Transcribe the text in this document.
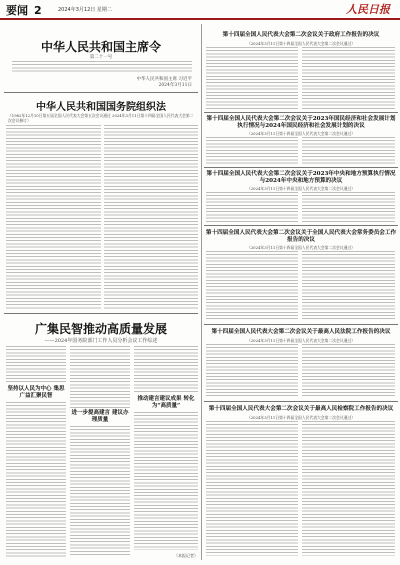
要闻 2	2024年3月12日 星期二	人民日报
中华人民共和国主席令
第二十一号
中华人民共和国主席 习近平
2024年3月11日
中华人民共和国国务院组织法
（1982年12月10日第五届全国人民代表大会第五次会议通过 2024年3月11日第十四届全国人民代表大会第二次会议修订）
广集民智推动高质量发展
——2024年国务院部门工作人员分析会议工作综述
坚持以人民为中心 集思广益汇聚民智
进一步提高建言 建议办理质量
推动建言建议成果 转化为“高质量”
（本报记者）
第十四届全国人民代表大会第二次会议关于政府工作报告的决议
（2024年3月11日第十四届全国人民代表大会第二次会议通过）
第十四届全国人民代表大会第二次会议关于2023年国民经济和社会发展计划执行情况与2024年国民经济和社会发展计划的决议
（2024年3月11日第十四届全国人民代表大会第二次会议通过）
第十四届全国人民代表大会第二次会议关于2023年中央和地方预算执行情况与2024年中央和地方预算的决议
（2024年3月11日第十四届全国人民代表大会第二次会议通过）
第十四届全国人民代表大会第二次会议关于全国人民代表大会常务委员会工作报告的决议
（2024年3月11日第十四届全国人民代表大会第二次会议通过）
第十四届全国人民代表大会第二次会议关于最高人民法院工作报告的决议
（2024年3月11日第十四届全国人民代表大会第二次会议通过）
第十四届全国人民代表大会第二次会议关于最高人民检察院工作报告的决议
（2024年3月11日第十四届全国人民代表大会第二次会议通过）
